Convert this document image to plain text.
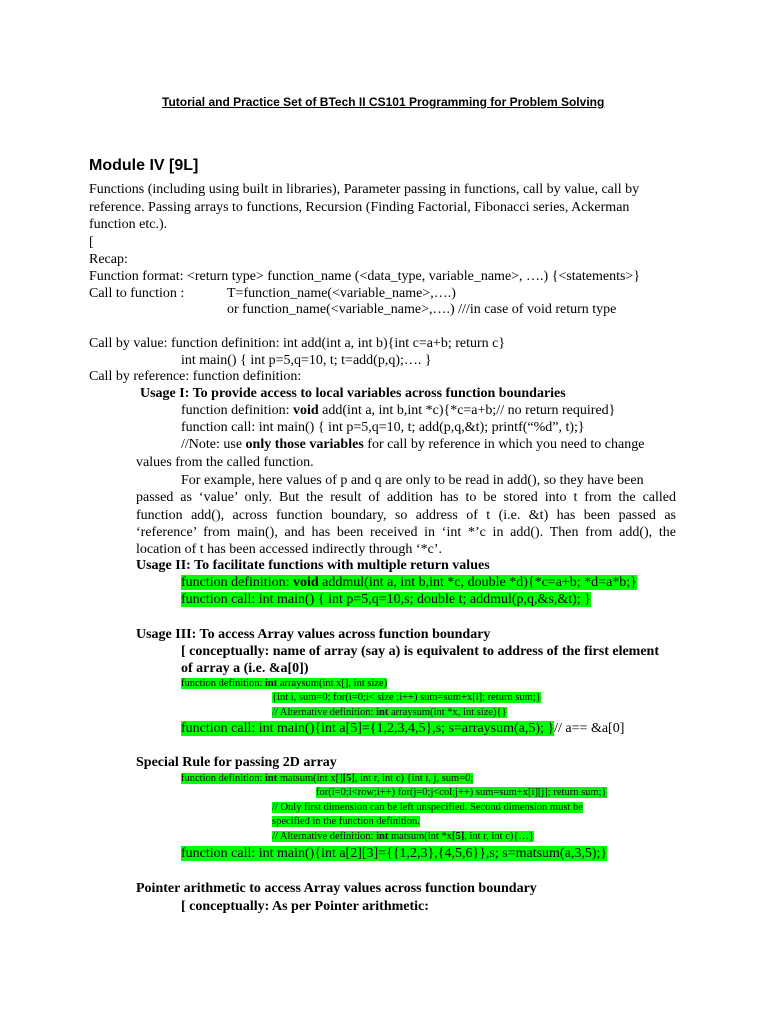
Tutorial and Practice Set of BTech II CS101 Programming for Problem Solving
Module IV [9L]
Functions (including using built in libraries), Parameter passing in functions, call by value, call by
reference. Passing arrays to functions, Recursion (Finding Factorial, Fibonacci series, Ackerman
function etc.).
[
Recap:
Function format: <return type> function_name (<data_type, variable_name>, ….) {<statements>}
Call to function :	T=function_name(<variable_name>,….)
or function_name(<variable_name>,….) ///in case of void return type
Call by value: function definition: int add(int a, int b){int c=a+b; return c}
int main() { int p=5,q=10, t; t=add(p,q);…. }
Call by reference: function definition:
Usage I: To provide access to local variables across function boundaries
function definition: void add(int a, int b,int *c){*c=a+b;// no return required}
function call: int main() { int p=5,q=10, t; add(p,q,&t); printf(“%d”, t);}
//Note: use only those variables for call by reference in which you need to change
values from the called function.
For example, here values of p and q are only to be read in add(), so they have been
passed as ‘value’ only. But the result of addition has to be stored into t from the called
function add(), across function boundary, so address of t (i.e. &t) has been passed as
‘reference’ from main(), and has been received in ‘int *’c in add(). Then from add(), the
location of t has been accessed indirectly through ‘*c’.
Usage II: To facilitate functions with multiple return values
function definition: void addmul(int a, int b,int *c, double *d){*c=a+b; *d=a*b;}
function call: int main() { int p=5,q=10,s; double t; addmul(p,q,&s,&t); }
Usage III: To access Array values across function boundary
[ conceptually: name of array (say a) is equivalent to address of the first element
of array a (i.e. &a[0])
function definition: int arraysum(int x[], int size)
{int i, sum=0; for(i=0;i< size ;i++) sum=sum+x[i]; return sum;}
// Alternative definition: int arraysum(int *x, int size){}
function call: int main(){int a[5]={1,2,3,4,5},s; s=arraysum(a,5); }// a== &a[0]
Special Rule for passing 2D array
function definition: int matsum(int x[][5], int r, int c) {int i, j, sum=0;
for(i=0;i<row;i++) for(j=0;j<col;j++) sum=sum+x[i][j]; return sum;}
// Only first dimension can be left unspecified. Second dimension must be
specified in the function definition.
// Alternative definition: int matsum(int *x[5], int r, int c){…}
function call: int main(){int a[2][3]={{1,2,3},{4,5,6}},s; s=matsum(a,3,5);}
Pointer arithmetic to access Array values across function boundary
[ conceptually: As per Pointer arithmetic:
